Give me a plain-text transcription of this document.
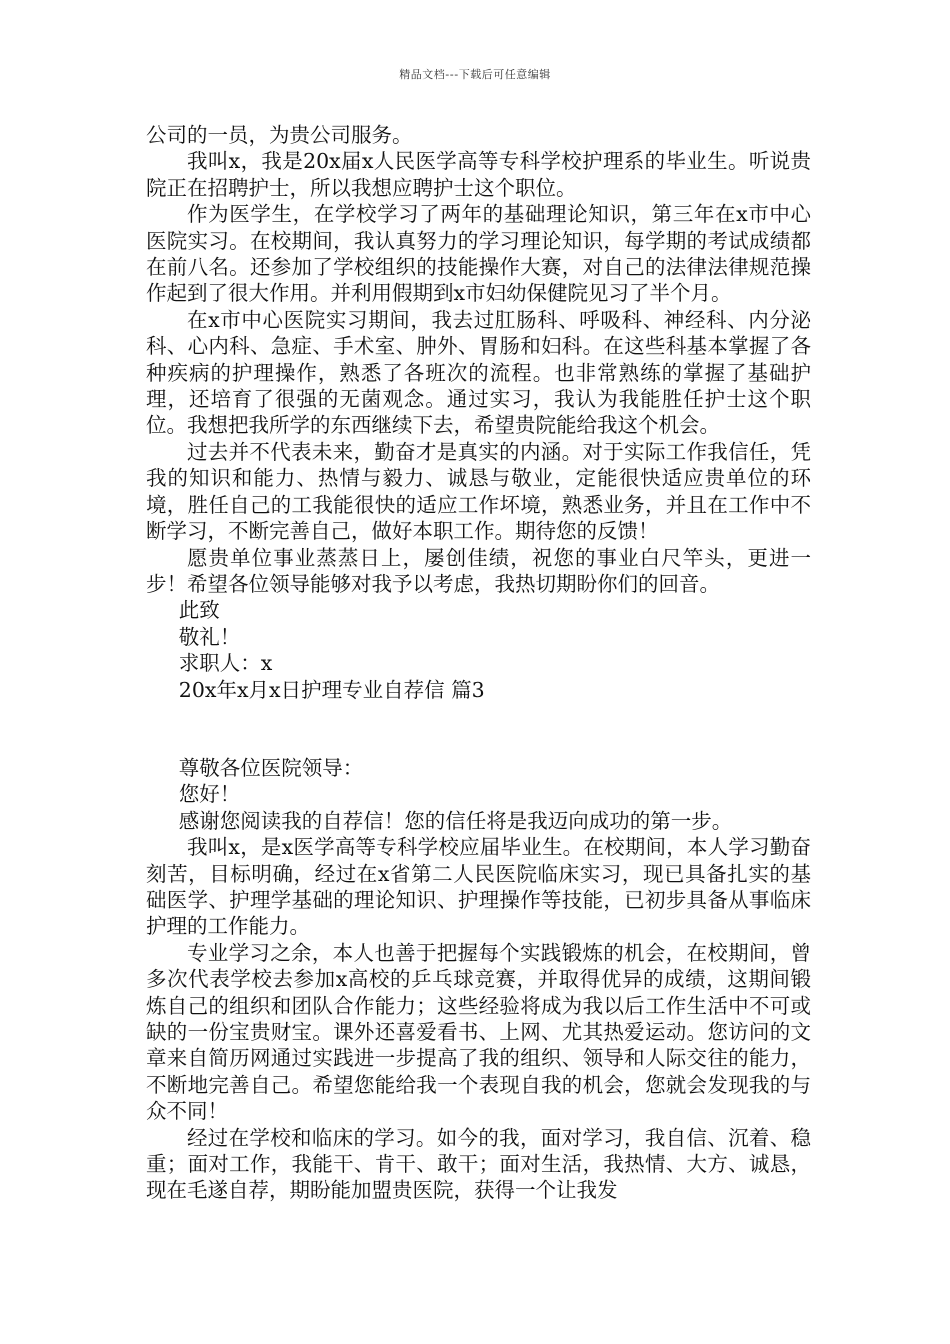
精品文档---下载后可任意编辑

公司的一员，为贵公司服务。

我叫x，我是20x届x人民医学高等专科学校护理系的毕业生。听说贵院正在招聘护士，所以我想应聘护士这个职位。

作为医学生，在学校学习了两年的基础理论知识，第三年在x市中心医院实习。在校期间，我认真努力的学习理论知识，每学期的考试成绩都在前八名。还参加了学校组织的技能操作大赛，对自己的法律法律规范操作起到了很大作用。并利用假期到x市妇幼保健院见习了半个月。

在x市中心医院实习期间，我去过肛肠科、呼吸科、神经科、内分泌科、心内科、急症、手术室、肿外、胃肠和妇科。在这些科基本掌握了各种疾病的护理操作，熟悉了各班次的流程。也非常熟练的掌握了基础护理，还培育了很强的无菌观念。通过实习，我认为我能胜任护士这个职位。我想把我所学的东西继续下去，希望贵院能给我这个机会。

过去并不代表未来，勤奋才是真实的内涵。对于实际工作我信任，凭我的知识和能力、热情与毅力、诚恳与敬业，定能很快适应贵单位的环境，胜任自己的工我能很快的适应工作坏境，熟悉业务，并且在工作中不断学习，不断完善自己，做好本职工作。期待您的反馈！

愿贵单位事业蒸蒸日上，屡创佳绩，祝您的事业白尺竿头，更进一步！希望各位领导能够对我予以考虑，我热切期盼你们的回音。

此致

敬礼！

求职人：x

20x年x月x日护理专业自荐信 篇3

尊敬各位医院领导：

您好！

感谢您阅读我的自荐信！您的信任将是我迈向成功的第一步。

我叫x，是x医学高等专科学校应届毕业生。在校期间，本人学习勤奋刻苦，目标明确，经过在x省第二人民医院临床实习，现已具备扎实的基础医学、护理学基础的理论知识、护理操作等技能，已初步具备从事临床护理的工作能力。

专业学习之余，本人也善于把握每个实践锻炼的机会，在校期间，曾多次代表学校去参加x高校的乒乓球竞赛，并取得优异的成绩，这期间锻炼自己的组织和团队合作能力；这些经验将成为我以后工作生活中不可或缺的一份宝贵财宝。课外还喜爱看书、上网、尤其热爱运动。您访问的文章来自简历网通过实践进一步提高了我的组织、领导和人际交往的能力，不断地完善自己。希望您能给我一个表现自我的机会，您就会发现我的与众不同！

经过在学校和临床的学习。如今的我，面对学习，我自信、沉着、稳重；面对工作，我能干、肯干、敢干；面对生活，我热情、大方、诚恳，现在毛遂自荐，期盼能加盟贵医院，获得一个让我发
